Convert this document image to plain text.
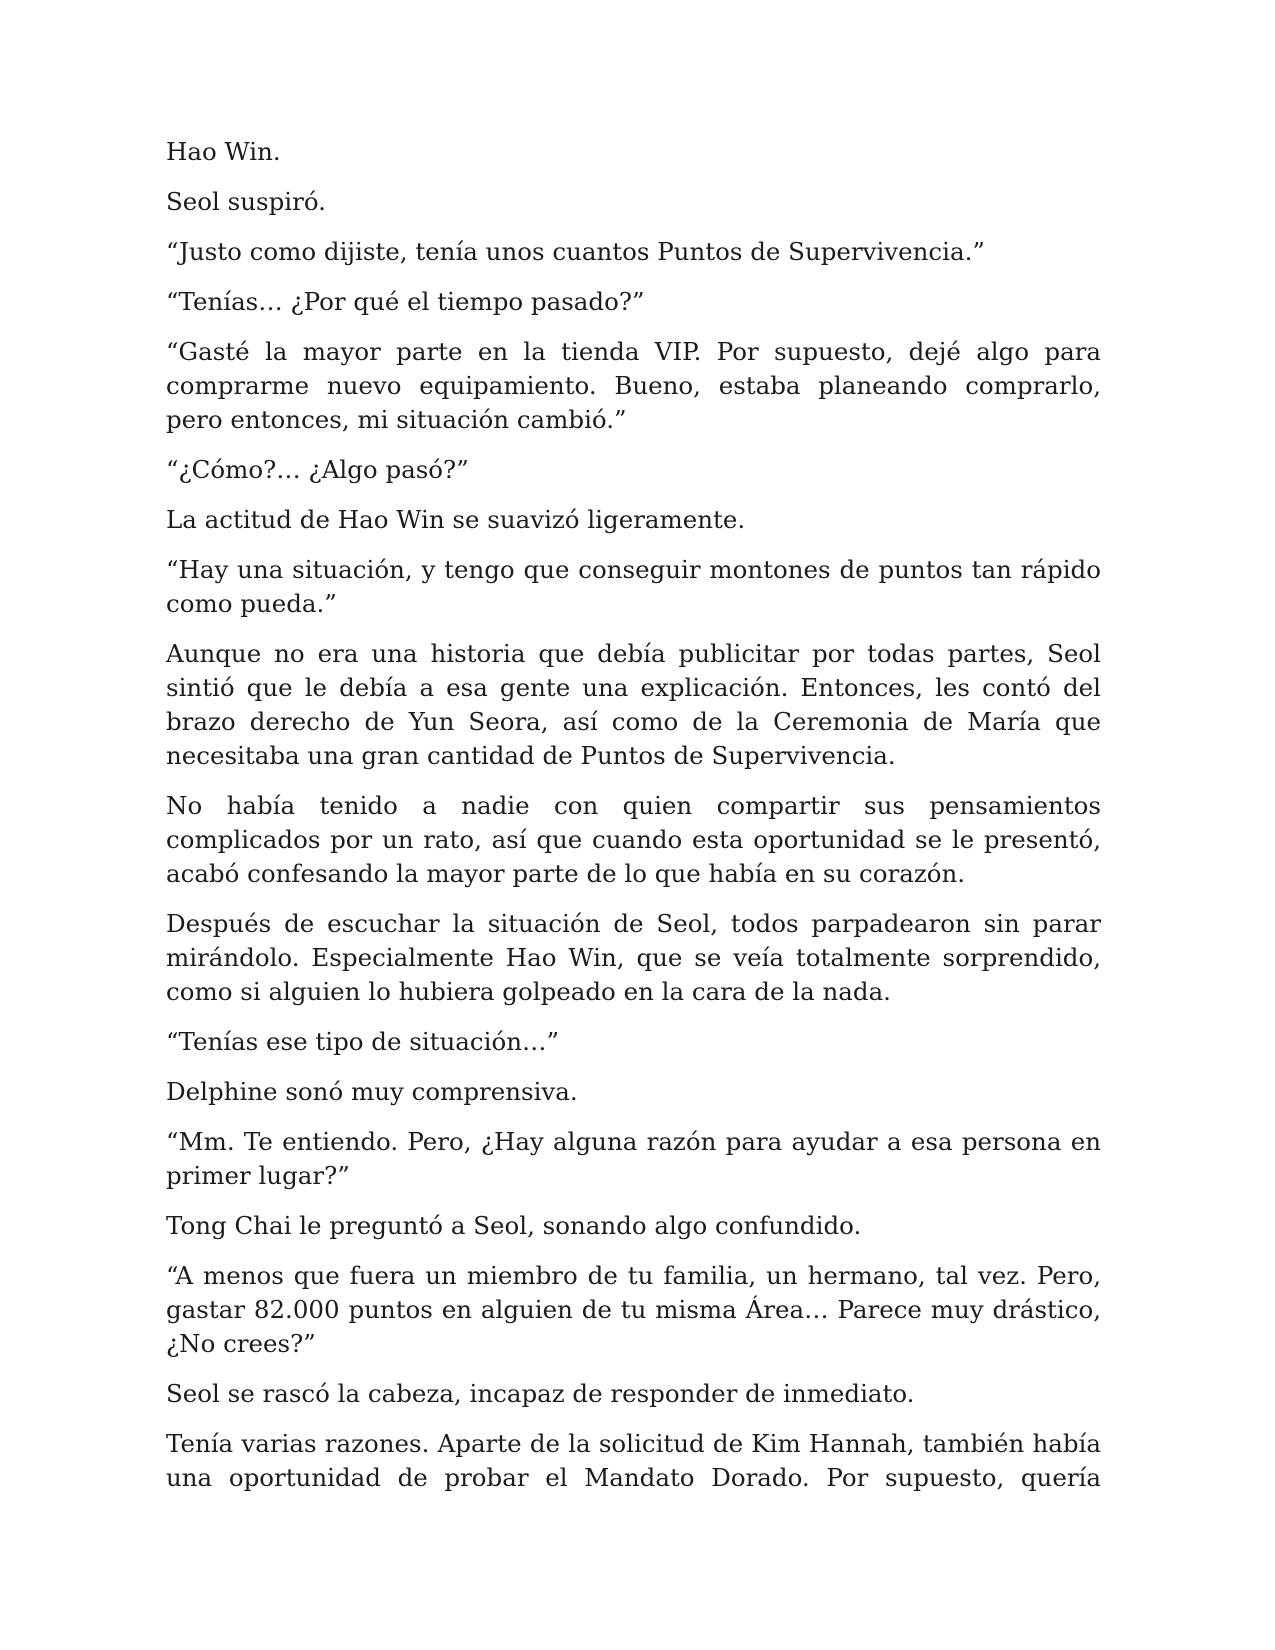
Hao Win.

Seol suspiró.

“Justo como dijiste, tenía unos cuantos Puntos de Supervivencia.”

“Tenías… ¿Por qué el tiempo pasado?”

“Gasté la mayor parte en la tienda VIP. Por supuesto, dejé algo para comprarme nuevo equipamiento. Bueno, estaba planeando comprarlo, pero entonces, mi situación cambió.”

“¿Cómo?… ¿Algo pasó?”

La actitud de Hao Win se suavizó ligeramente.

“Hay una situación, y tengo que conseguir montones de puntos tan rápido como pueda.”

Aunque no era una historia que debía publicitar por todas partes, Seol sintió que le debía a esa gente una explicación. Entonces, les contó del brazo derecho de Yun Seora, así como de la Ceremonia de María que necesitaba una gran cantidad de Puntos de Supervivencia.

No había tenido a nadie con quien compartir sus pensamientos complicados por un rato, así que cuando esta oportunidad se le presentó, acabó confesando la mayor parte de lo que había en su corazón.

Después de escuchar la situación de Seol, todos parpadearon sin parar mirándolo. Especialmente Hao Win, que se veía totalmente sorprendido, como si alguien lo hubiera golpeado en la cara de la nada.

“Tenías ese tipo de situación…”

Delphine sonó muy comprensiva.

“Mm. Te entiendo. Pero, ¿Hay alguna razón para ayudar a esa persona en primer lugar?”

Tong Chai le preguntó a Seol, sonando algo confundido.

“A menos que fuera un miembro de tu familia, un hermano, tal vez. Pero, gastar 82.000 puntos en alguien de tu misma Área… Parece muy drástico, ¿No crees?”

Seol se rascó la cabeza, incapaz de responder de inmediato.

Tenía varias razones. Aparte de la solicitud de Kim Hannah, también había una oportunidad de probar el Mandato Dorado. Por supuesto, quería
